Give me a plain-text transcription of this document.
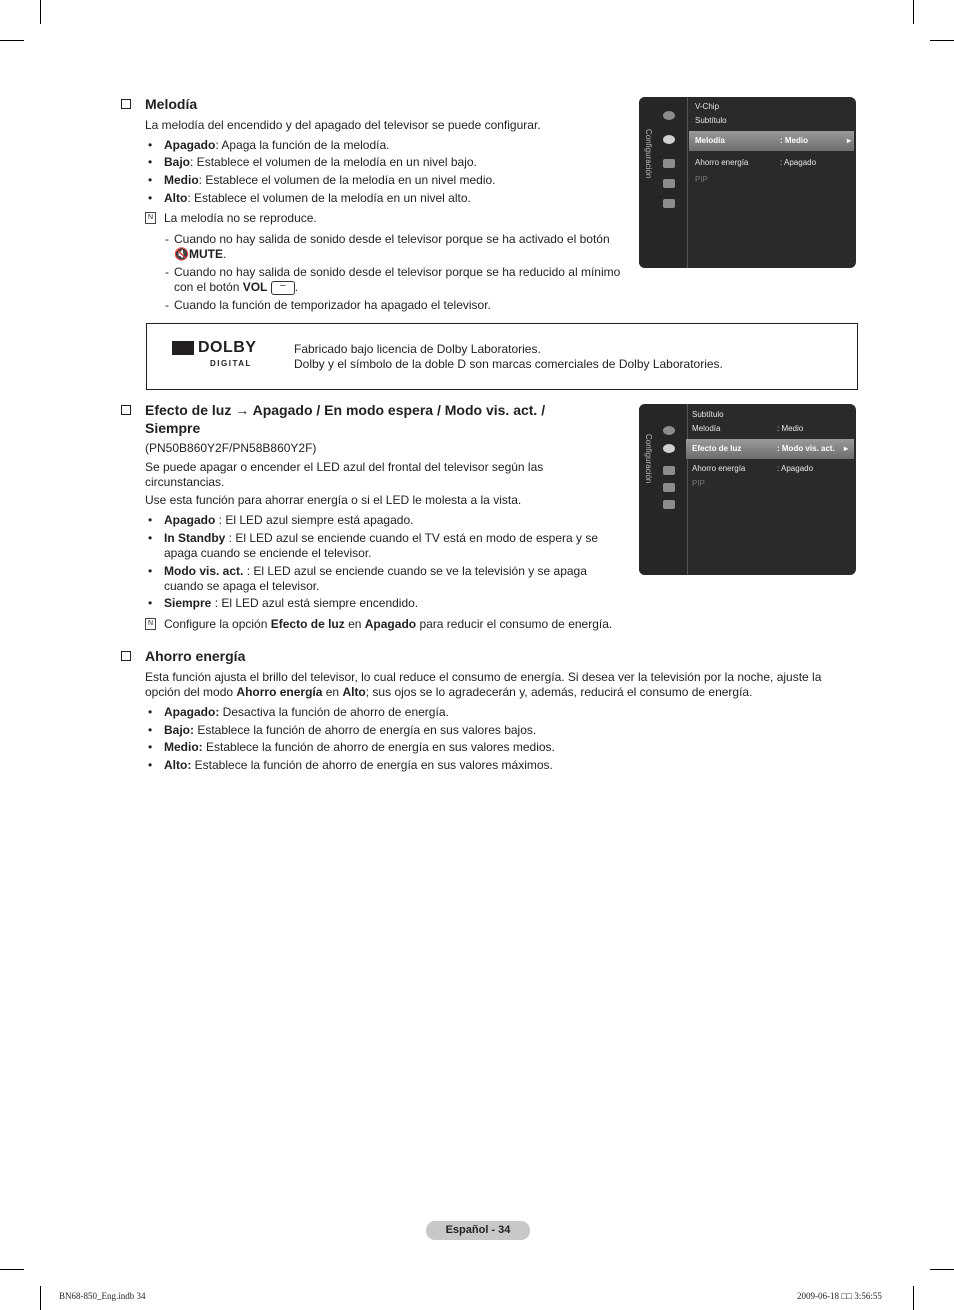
Melodía
La melodía del encendido y del apagado del televisor se puede configurar.
• Apagado: Apaga la función de la melodía.
• Bajo: Establece el volumen de la melodía en un nivel bajo.
• Medio: Establece el volumen de la melodía en un nivel medio.
• Alto: Establece el volumen de la melodía en un nivel alto.
N La melodía no se reproduce.
- Cuando no hay salida de sonido desde el televisor porque se ha activado el botón
🔇MUTE.
- Cuando no hay salida de sonido desde el televisor porque se ha reducido al mínimo
con el botón VOL – .
- Cuando la función de temporizador ha apagado el televisor.
Configuración
V-Chip
Subtítulo
Melodía	: Medio	▸
Ahorro energía	: Apagado
PIP
DOLBY
DIGITAL
Fabricado bajo licencia de Dolby Laboratories.
Dolby y el símbolo de la doble D son marcas comerciales de Dolby Laboratories.
Efecto de luz → Apagado / En modo espera / Modo vis. act. /
Siempre
(PN50B860Y2F/PN58B860Y2F)
Se puede apagar o encender el LED azul del frontal del televisor según las
circunstancias.
Use esta función para ahorrar energía o si el LED le molesta a la vista.
• Apagado : El LED azul siempre está apagado.
• In Standby : El LED azul se enciende cuando el TV está en modo de espera y se
apaga cuando se enciende el televisor.
• Modo vis. act. : El LED azul se enciende cuando se ve la televisión y se apaga
cuando se apaga el televisor.
• Siempre : El LED azul está siempre encendido.
N Configure la opción Efecto de luz en Apagado para reducir el consumo de energía.
Configuración
Subtítulo
Melodía	: Medio
Efecto de luz	: Modo vis. act. ▸
Ahorro energía	: Apagado
PIP
Ahorro energía
Esta función ajusta el brillo del televisor, lo cual reduce el consumo de energía. Si desea ver la televisión por la noche, ajuste la
opción del modo Ahorro energía en Alto; sus ojos se lo agradecerán y, además, reducirá el consumo de energía.
• Apagado: Desactiva la función de ahorro de energía.
• Bajo: Establece la función de ahorro de energía en sus valores bajos.
• Medio: Establece la función de ahorro de energía en sus valores medios.
• Alto: Establece la función de ahorro de energía en sus valores máximos.
Español - 34
BN68-850_Eng.indb 34	2009-06-18 □□ 3:56:55
